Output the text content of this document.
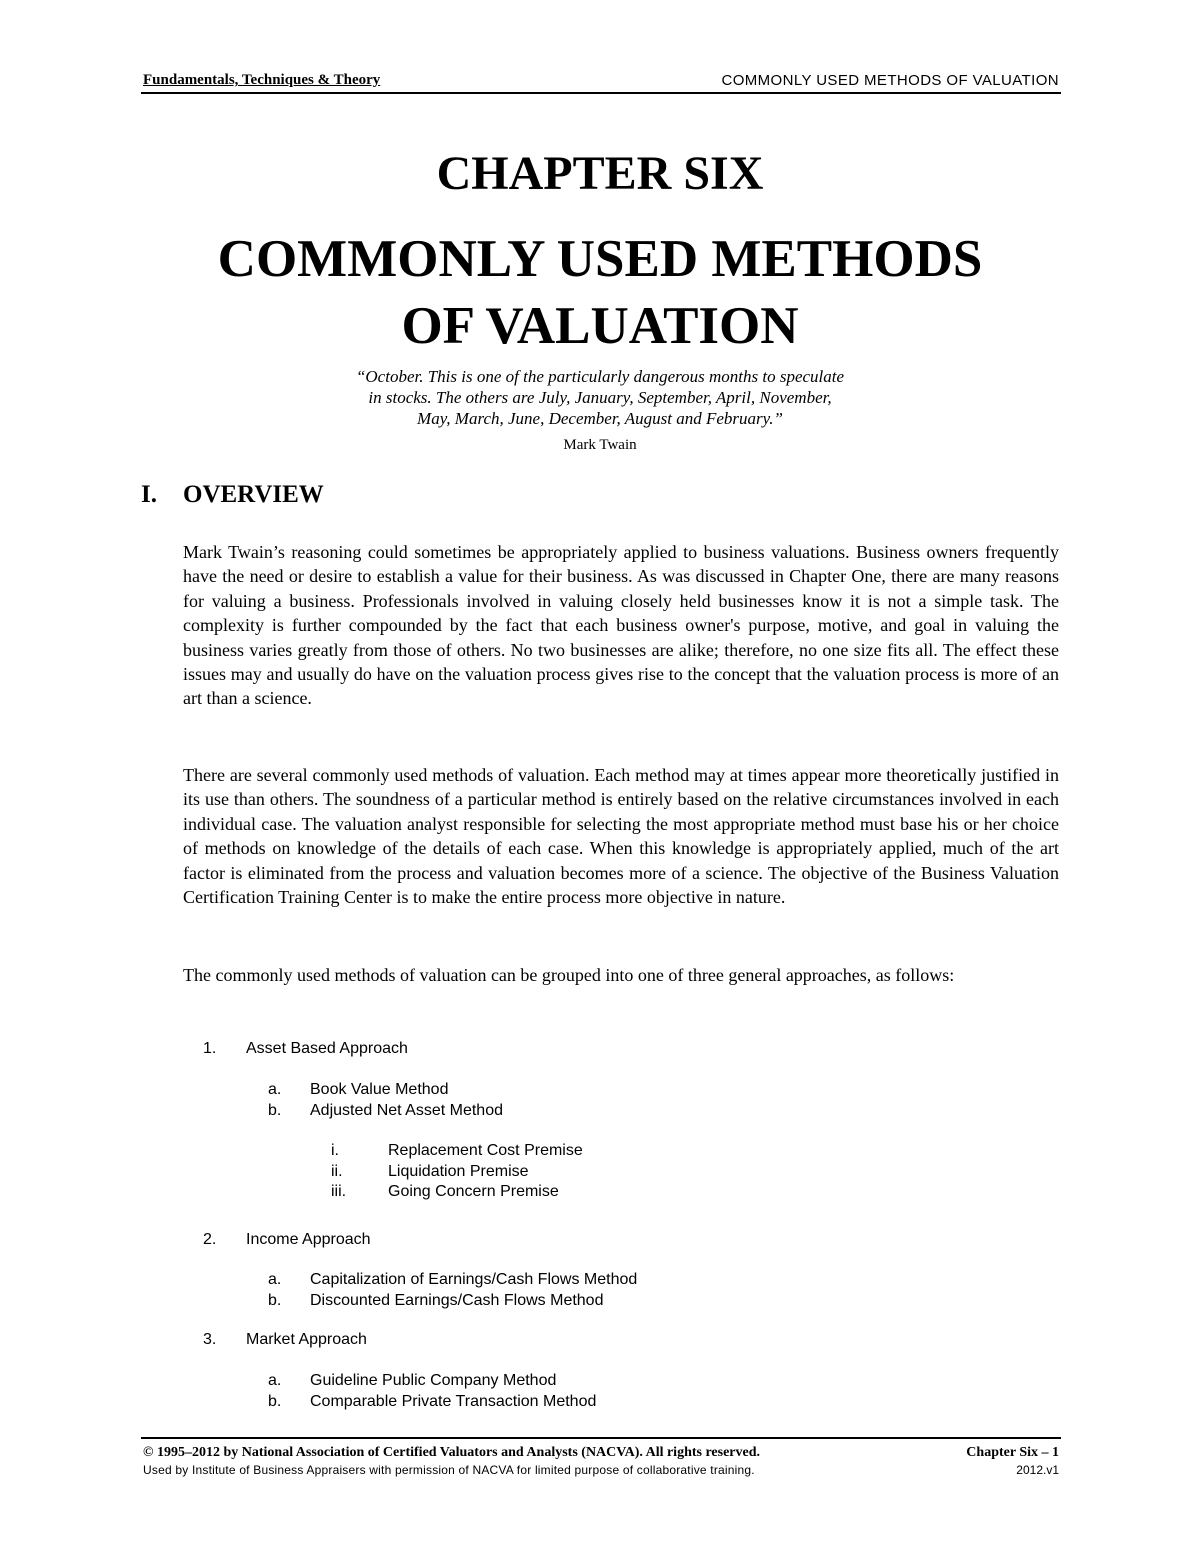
Fundamentals, Techniques & Theory	COMMONLY USED METHODS OF VALUATION
CHAPTER SIX
COMMONLY USED METHODS
OF VALUATION
“October. This is one of the particularly dangerous months to speculate
in stocks. The others are July, January, September, April, November,
May, March, June, December, August and February.”
Mark Twain
I. OVERVIEW

Mark Twain’s reasoning could sometimes be appropriately applied to business valuations. Business owners frequently have the need or desire to establish a value for their business. As was discussed in Chapter One, there are many reasons for valuing a business. Professionals involved in valuing closely held businesses know it is not a simple task. The complexity is further compounded by the fact that each business owner's purpose, motive, and goal in valuing the business varies greatly from those of others. No two businesses are alike; therefore, no one size fits all. The effect these issues may and usually do have on the valuation process gives rise to the concept that the valuation process is more of an art than a science.

There are several commonly used methods of valuation. Each method may at times appear more theoretically justified in its use than others. The soundness of a particular method is entirely based on the relative circumstances involved in each individual case. The valuation analyst responsible for selecting the most appropriate method must base his or her choice of methods on knowledge of the details of each case. When this knowledge is appropriately applied, much of the art factor is eliminated from the process and valuation becomes more of a science. The objective of the Business Valuation Certification Training Center is to make the entire process more objective in nature.

The commonly used methods of valuation can be grouped into one of three general approaches, as follows:

1. Asset Based Approach
a. Book Value Method
b. Adjusted Net Asset Method
i.	Replacement Cost Premise
ii.	Liquidation Premise
iii.	Going Concern Premise
2. Income Approach
a. Capitalization of Earnings/Cash Flows Method
b. Discounted Earnings/Cash Flows Method
3. Market Approach
a. Guideline Public Company Method
b. Comparable Private Transaction Method
© 1995–2012 by National Association of Certified Valuators and Analysts (NACVA). All rights reserved.	Chapter Six – 1
Used by Institute of Business Appraisers with permission of NACVA for limited purpose of collaborative training.	2012.v1
